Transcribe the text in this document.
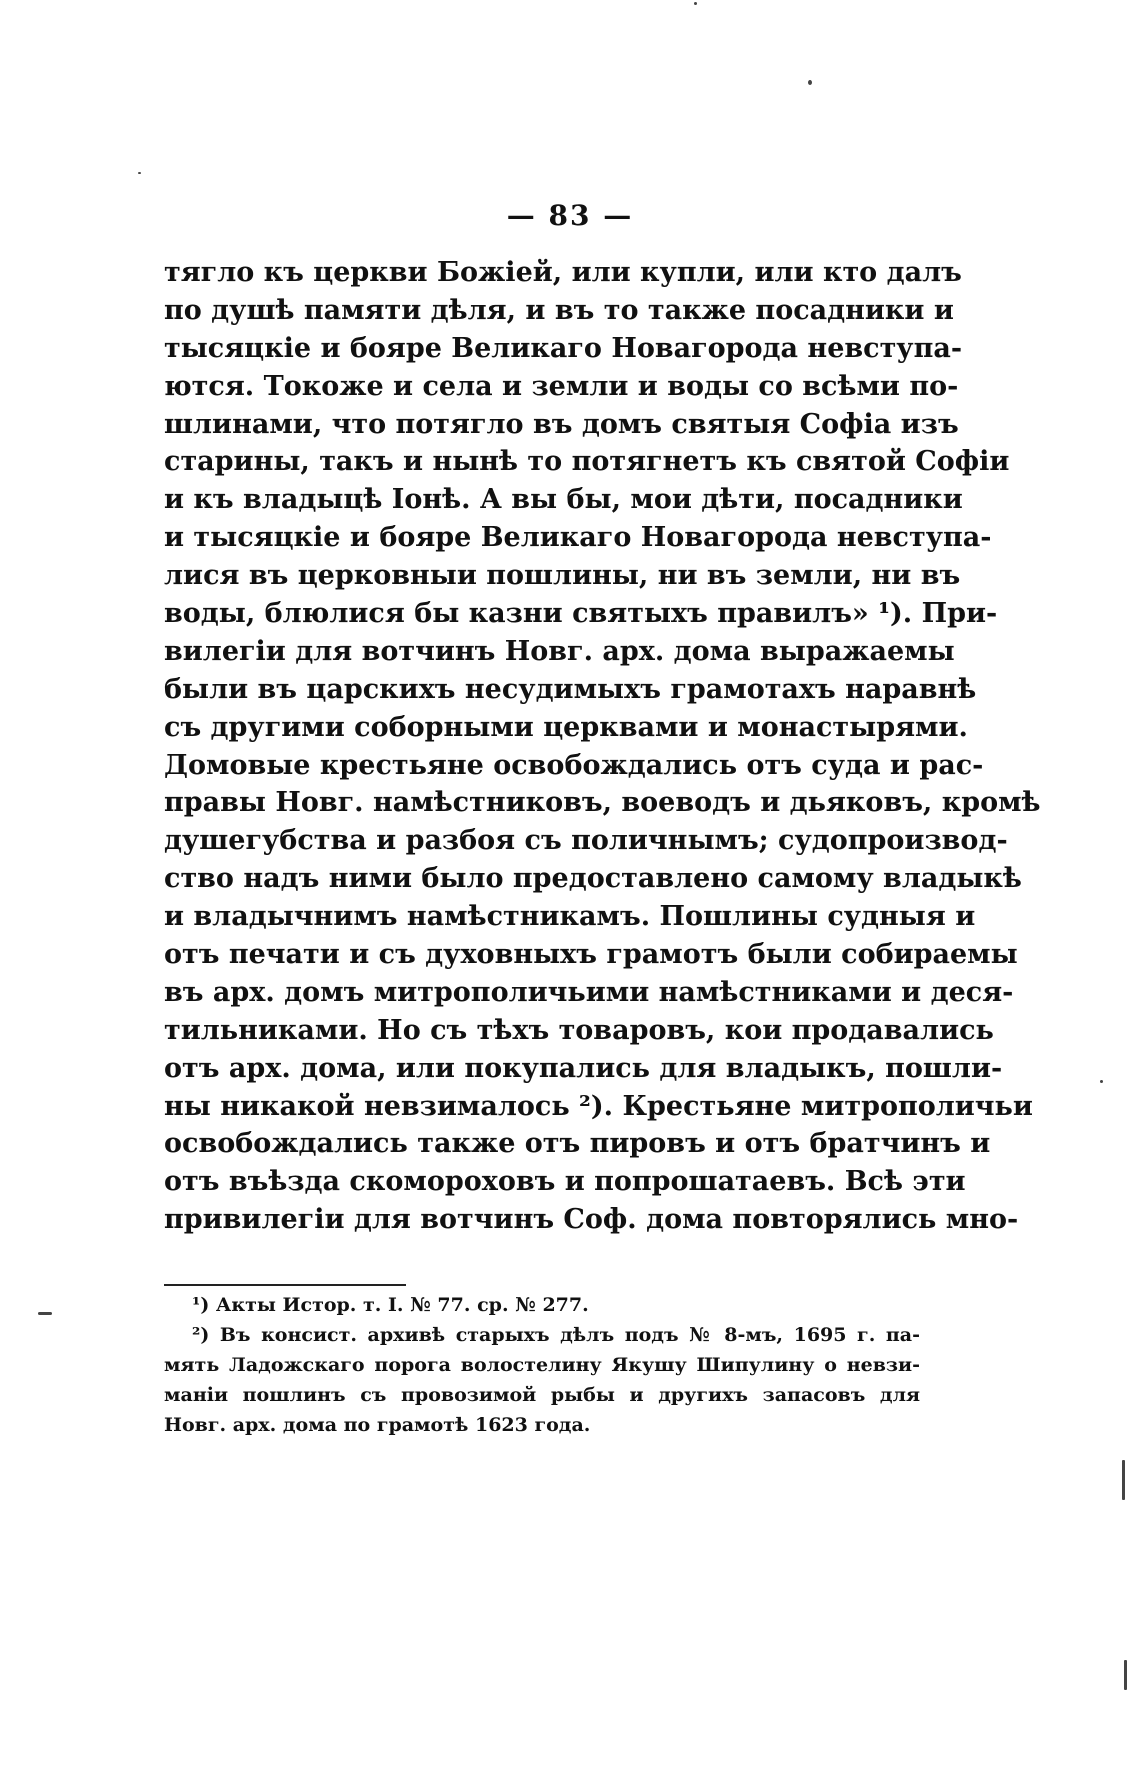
— 83 —
тягло къ церкви Божіей, или купли, или кто далъ
по душѣ памяти дѣля, и въ то также посадники и
тысяцкіе и бояре Великаго Новагорода невступа-
ются. Токоже и села и земли и воды со всѣми по-
шлинами, что потягло въ домъ святыя Софіа изъ
старины, такъ и нынѣ то потягнетъ къ святой Софіи
и къ владыцѣ Іонѣ. А вы бы, мои дѣти, посадники
и тысяцкіе и бояре Великаго Новагорода невступа-
лися въ церковныи пошлины, ни въ земли, ни въ
воды, блюлися бы казни святыхъ правилъ» ¹). При-
вилегіи для вотчинъ Новг. арх. дома выражаемы
были въ царскихъ несудимыхъ грамотахъ наравнѣ
съ другими соборными церквами и монастырями.
Домовые крестьяне освобождались отъ суда и рас-
правы Новг. намѣстниковъ, воеводъ и дьяковъ, кромѣ
душегубства и разбоя съ поличнымъ; судопроизвод-
ство надъ ними было предоставлено самому владыкѣ
и владычнимъ намѣстникамъ. Пошлины судныя и
отъ печати и съ духовныхъ грамотъ были собираемы
въ арх. домъ митрополичьими намѣстниками и деся-
тильниками. Но съ тѣхъ товаровъ, кои продавались
отъ арх. дома, или покупались для владыкъ, пошли-
ны никакой невзималось ²). Крестьяне митрополичьи
освобождались также отъ пировъ и отъ братчинъ и
отъ въѣзда скомороховъ и попрошатаевъ. Всѣ эти
привилегіи для вотчинъ Соф. дома повторялись мно-
¹) Акты Истор. т. I. № 77. ср. № 277.
²) Въ консист. архивѣ старыхъ дѣлъ подъ № 8-мъ, 1695 г. па-
мять Ладожскаго порога волостелину Якушу Шипулину о невзи-
маніи пошлинъ съ провозимой рыбы и другихъ запасовъ для
Новг. арх. дома по грамотѣ 1623 года.
